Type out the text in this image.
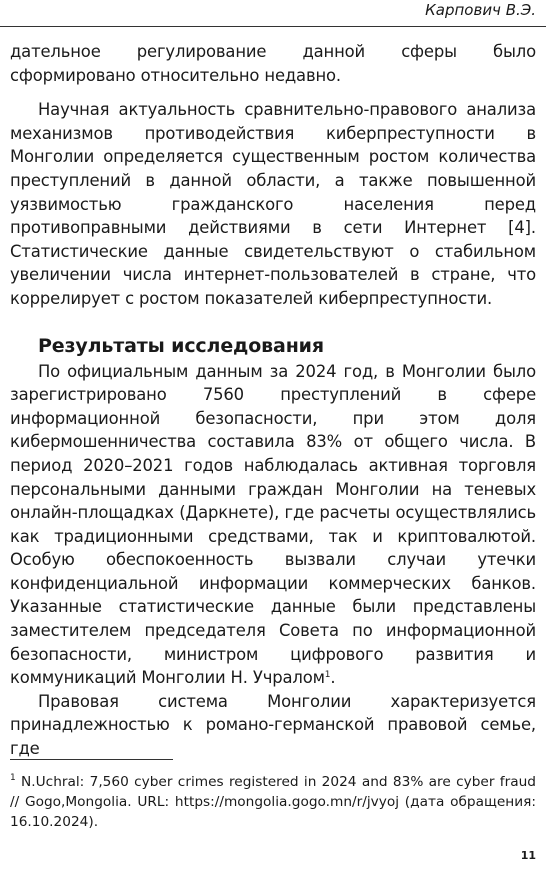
Карпович В.Э.

дательное регулирование данной сферы было сформировано относительно недавно.

Научная актуальность сравнительно-правового анализа механизмов противодействия киберпреступности в Монголии определяется существенным ростом количества преступлений в данной области, а также повышенной уязвимостью гражданского населения перед противоправными действиями в сети Интернет [4]. Статистические данные свидетельствуют о стабильном увеличении числа интернет-пользователей в стране, что коррелирует с ростом показателей киберпреступности.

Результаты исследования

По официальным данным за 2024 год, в Монголии было зарегистрировано 7560 преступлений в сфере информационной безопасности, при этом доля кибермошенничества составила 83% от общего числа. В период 2020–2021 годов наблюдалась активная торговля персональными данными граждан Монголии на теневых онлайн-площадках (Даркнете), где расчеты осуществлялись как традиционными средствами, так и криптовалютой. Особую обеспокоенность вызвали случаи утечки конфиденциальной информации коммерческих банков. Указанные статистические данные были представлены заместителем председателя Совета по информационной безопасности, министром цифрового развития и коммуникаций Монголии Н. Учралом$^1$.

Правовая система Монголии характеризуется принадлежностью к романо-германской правовой семье, где

$^1$ N.Uchral: 7,560 cyber crimes registered in 2024 and 83% are cyber fraud // Gogo,Mongolia. URL: https://mongolia.gogo.mn/r/jvyoj (дата обращения: 16.10.2024).
11
